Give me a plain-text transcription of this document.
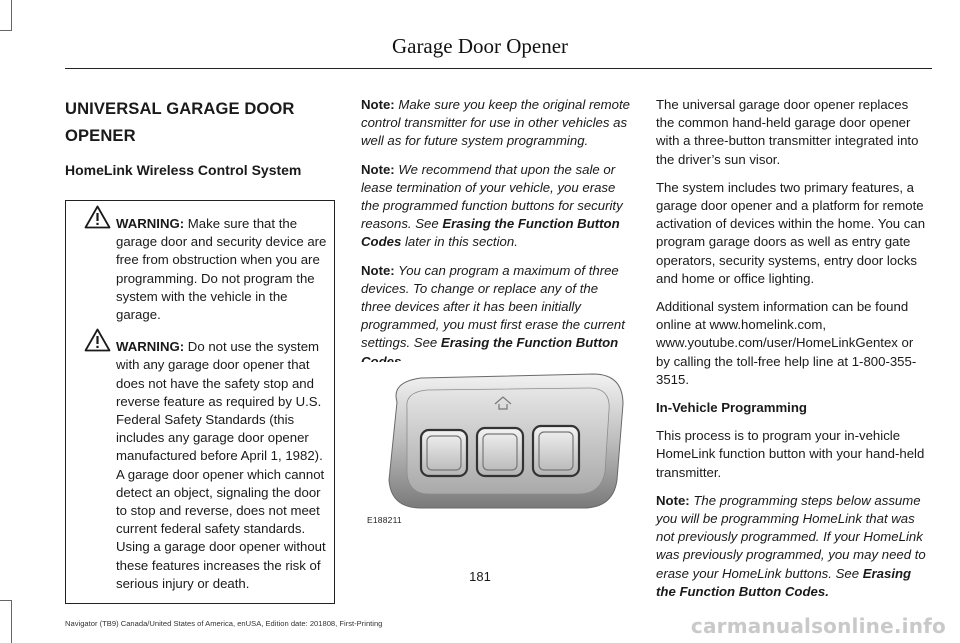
Garage Door Opener
UNIVERSAL GARAGE DOOR
OPENER
HomeLink Wireless Control System
WARNING: Make sure that the garage door and security device are free from obstruction when you are programming. Do not program the system with the vehicle in the garage.
WARNING: Do not use the system with any garage door opener that does not have the safety stop and reverse feature as required by U.S. Federal Safety Standards (this includes any garage door opener manufactured before April 1, 1982). A garage door opener which cannot detect an object, signaling the door to stop and reverse, does not meet current federal safety standards. Using a garage door opener without these features increases the risk of serious injury or death.

Note: Make sure you keep the original remote control transmitter for use in other vehicles as well as for future system programming.

Note: We recommend that upon the sale or lease termination of your vehicle, you erase the programmed function buttons for security reasons. See Erasing the Function Button Codes later in this section.

Note: You can program a maximum of three devices. To change or replace any of the three devices after it has been initially programmed, you must first erase the current settings. See Erasing the Function Button Codes.

E188211

The universal garage door opener replaces the common hand-held garage door opener with a three-button transmitter integrated into the driver’s sun visor.

The system includes two primary features, a garage door opener and a platform for remote activation of devices within the home. You can program garage doors as well as entry gate operators, security systems, entry door locks and home or office lighting.

Additional system information can be found online at www.homelink.com, www.youtube.com/user/HomeLinkGentex or by calling the toll-free help line at 1-800-355-3515.

In-Vehicle Programming

This process is to program your in-vehicle HomeLink function button with your hand-held transmitter.

Note: The programming steps below assume you will be programming HomeLink that was not previously programmed. If your HomeLink was previously programmed, you may need to erase your HomeLink buttons. See Erasing the Function Button Codes.

181
Navigator (TB9) Canada/United States of America, enUSA, Edition date: 201808, First-Printing	carmanualsonline.info
